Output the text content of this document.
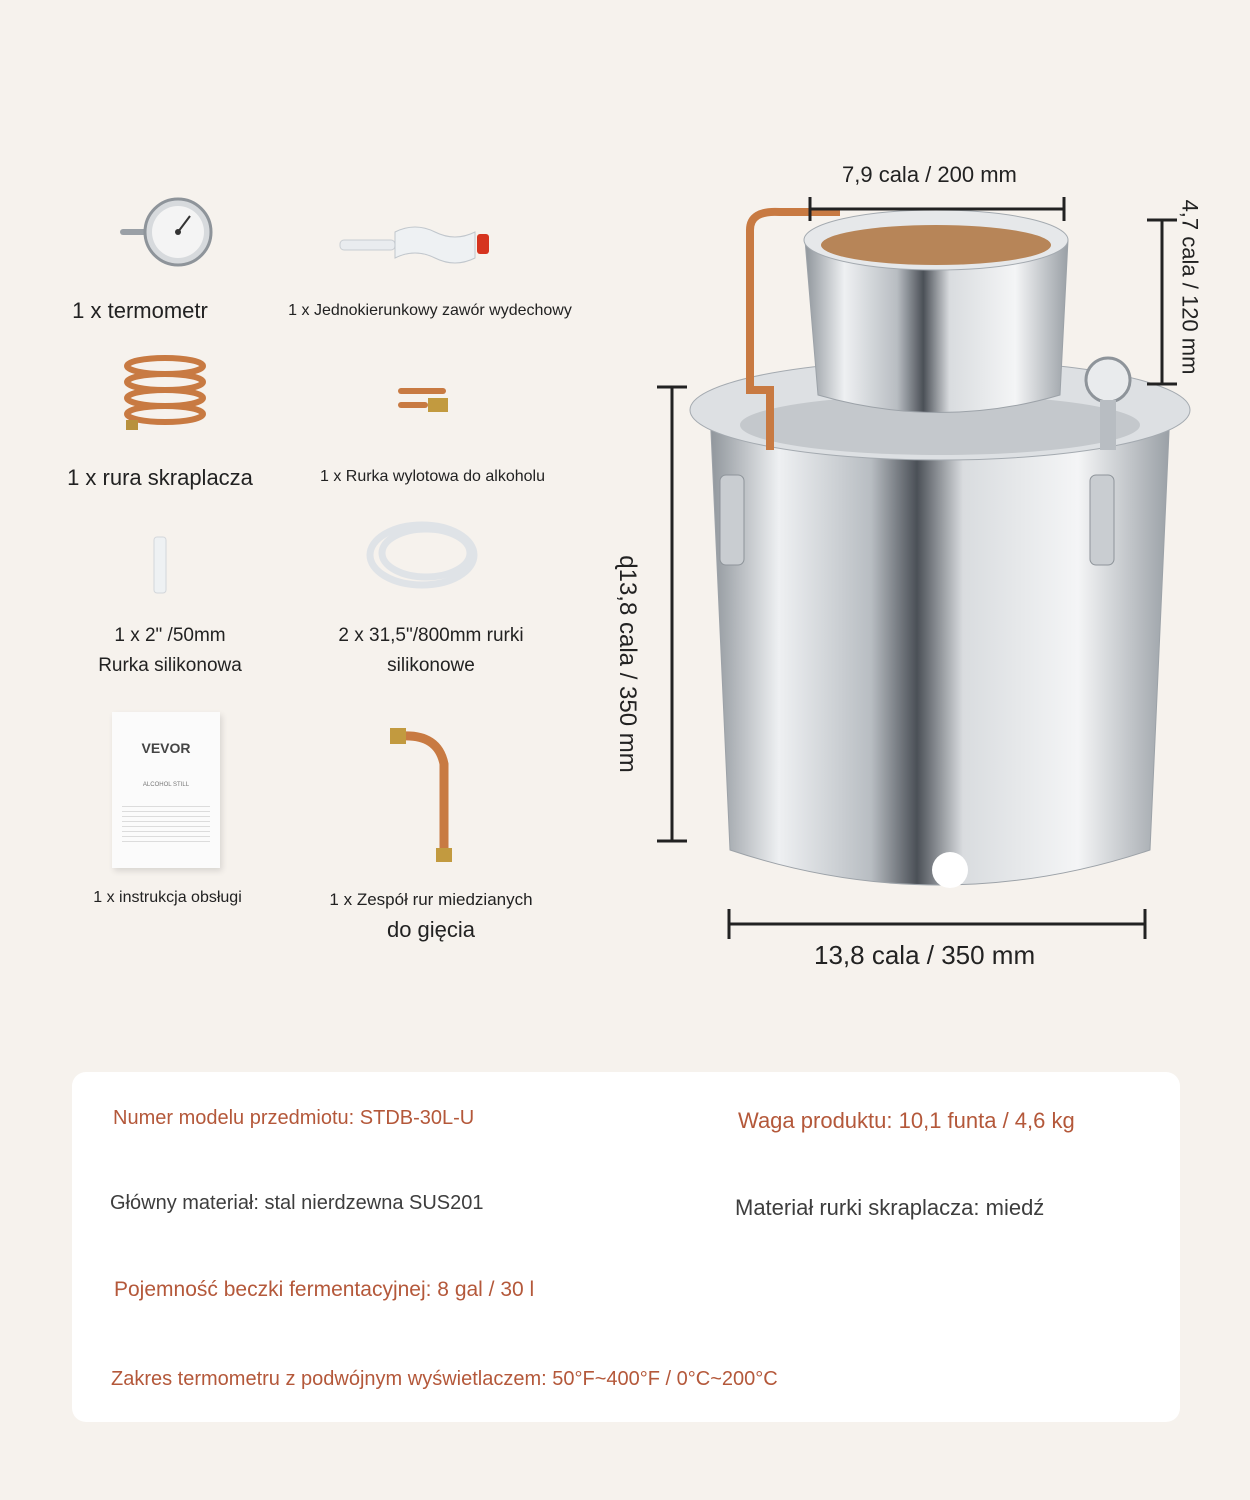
VEVOR
ALCOHOL STILL
1 x termometr	1 x Jednokierunkowy zawór wydechowy
1 x rura skraplacza	1 x Rurka wylotowa do alkoholu
1 x 2" /50mm
Rurka silikonowa
2 x 31,5"/800mm rurki
silikonowe
1 x instrukcja obsługi	1 x Zespół rur miedzianych
do gięcia
7,9 cala / 200 mm
4,7 cala / 120 mm
ɖ13,8 cala / 350 mm
13,8 cala / 350 mm
Numer modelu przedmiotu: STDB-30L-U	Waga produktu: 10,1 funta / 4,6 kg
Główny materiał: stal nierdzewna SUS201	Materiał rurki skraplacza: miedź
Pojemność beczki fermentacyjnej: 8 gal / 30 l
Zakres termometru z podwójnym wyświetlaczem: 50°F~400°F / 0°C~200°C
